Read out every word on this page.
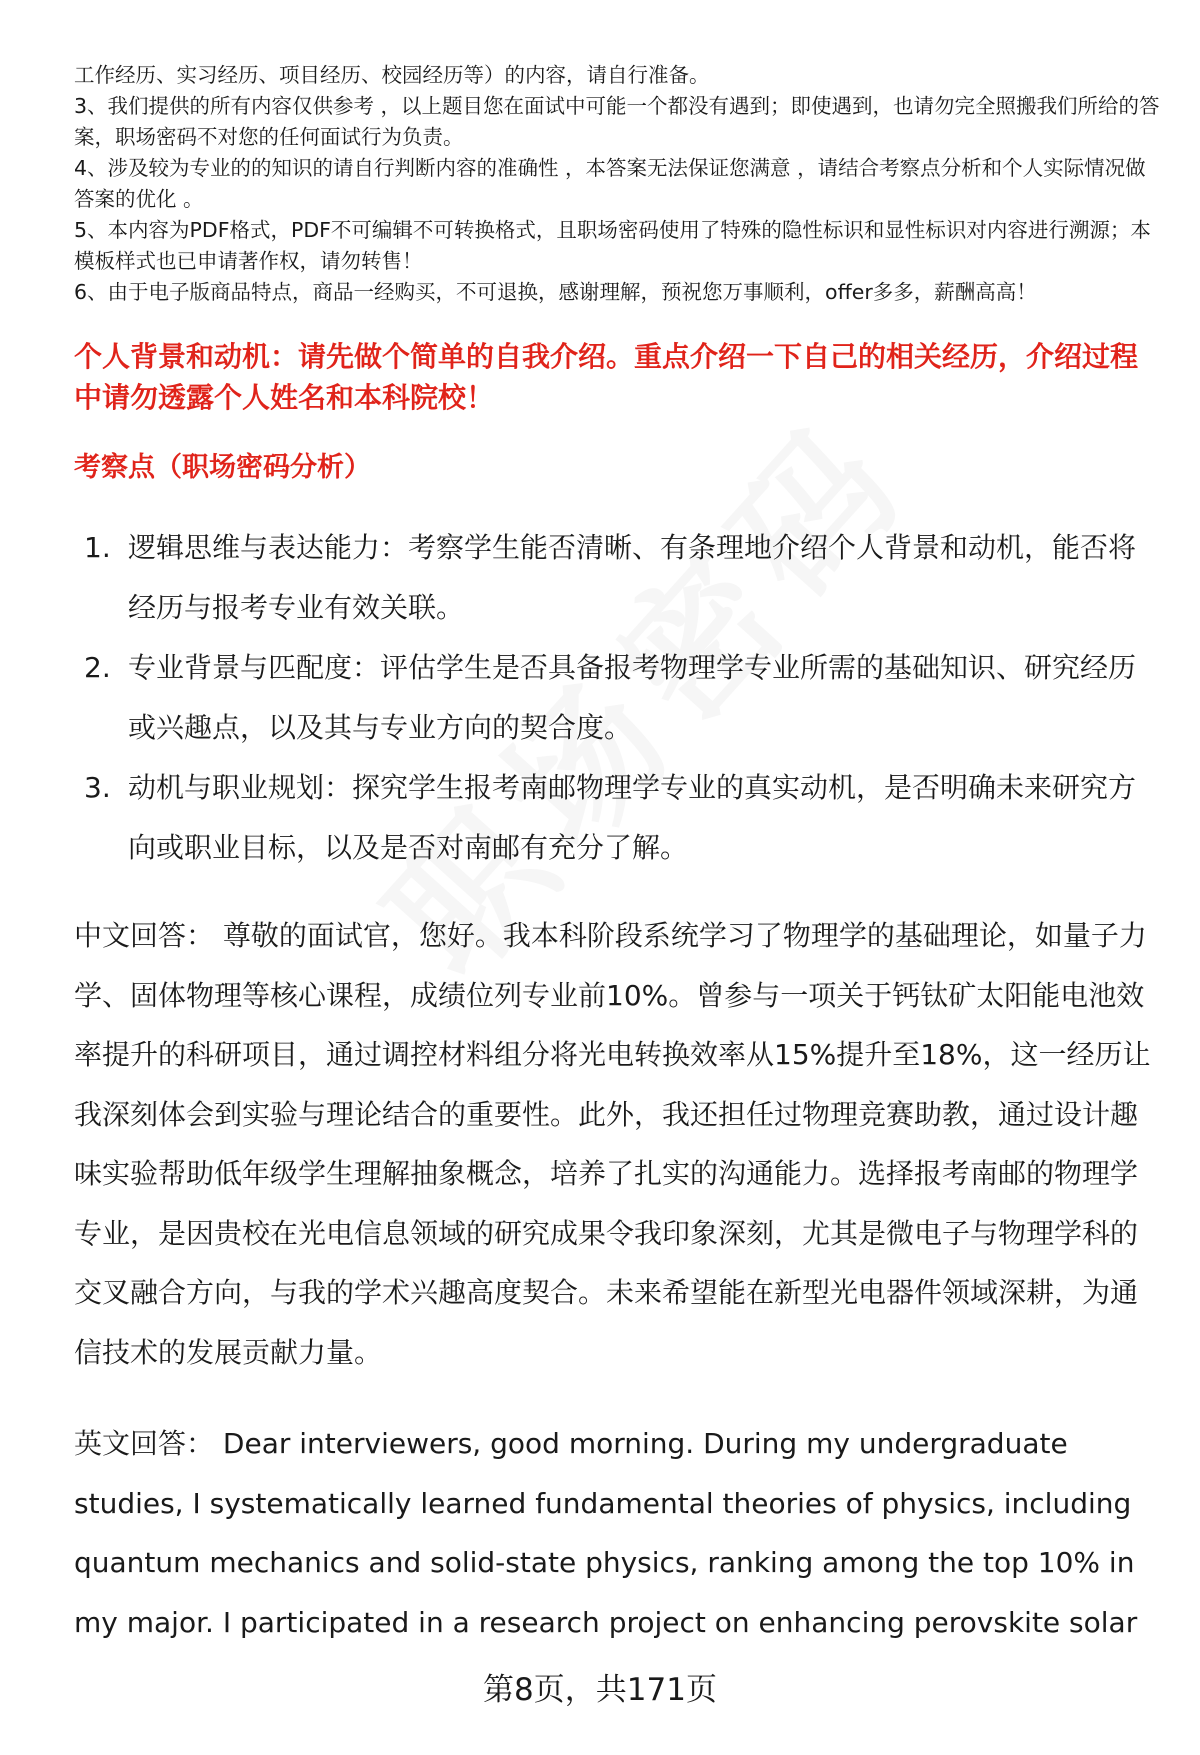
工作经历、实习经历、项目经历、校园经历等）的内容，请自行准备。

3、我们提供的所有内容仅供参考 ，以上题目您在面试中可能一个都没有遇到；即使遇到，也请勿完全照搬我们所给的答案，职场密码不对您的任何面试行为负责。

4、涉及较为专业的的知识的请自行判断内容的准确性 ，本答案无法保证您满意 ，请结合考察点分析和个人实际情况做答案的优化 。

5、本内容为PDF格式，PDF不可编辑不可转换格式，且职场密码使用了特殊的隐性标识和显性标识对内容进行溯源；本模板样式也已申请著作权，请勿转售！

6、由于电子版商品特点，商品一经购买，不可退换，感谢理解，预祝您万事顺利，offer多多，薪酬高高！

个人背景和动机：请先做个简单的自我介绍。重点介绍一下自己的相关经历，介绍过程中请勿透露个人姓名和本科院校！
考察点（职场密码分析）
1. 逻辑思维与表达能力：考察学生能否清晰、有条理地介绍个人背景和动机，能否将经历与报考专业有效关联。
2. 专业背景与匹配度：评估学生是否具备报考物理学专业所需的基础知识、研究经历或兴趣点，以及其与专业方向的契合度。
3. 动机与职业规划：探究学生报考南邮物理学专业的真实动机，是否明确未来研究方向或职业目标，以及是否对南邮有充分了解。

中文回答： 尊敬的面试官，您好。我本科阶段系统学习了物理学的基础理论，如量子力学、固体物理等核心课程，成绩位列专业前10%。曾参与一项关于钙钛矿太阳能电池效率提升的科研项目，通过调控材料组分将光电转换效率从15%提升至18%，这一经历让我深刻体会到实验与理论结合的重要性。此外，我还担任过物理竞赛助教，通过设计趣味实验帮助低年级学生理解抽象概念，培养了扎实的沟通能力。选择报考南邮的物理学专业，是因贵校在光电信息领域的研究成果令我印象深刻，尤其是微电子与物理学科的交叉融合方向，与我的学术兴趣高度契合。未来希望能在新型光电器件领域深耕，为通信技术的发展贡献力量。

英文回答： Dear interviewers, good morning. During my undergraduate studies, I systematically learned fundamental theories of physics, including quantum mechanics and solid-state physics, ranking among the top 10% in my major. I participated in a research project on enhancing perovskite solar

第8页，共171页
